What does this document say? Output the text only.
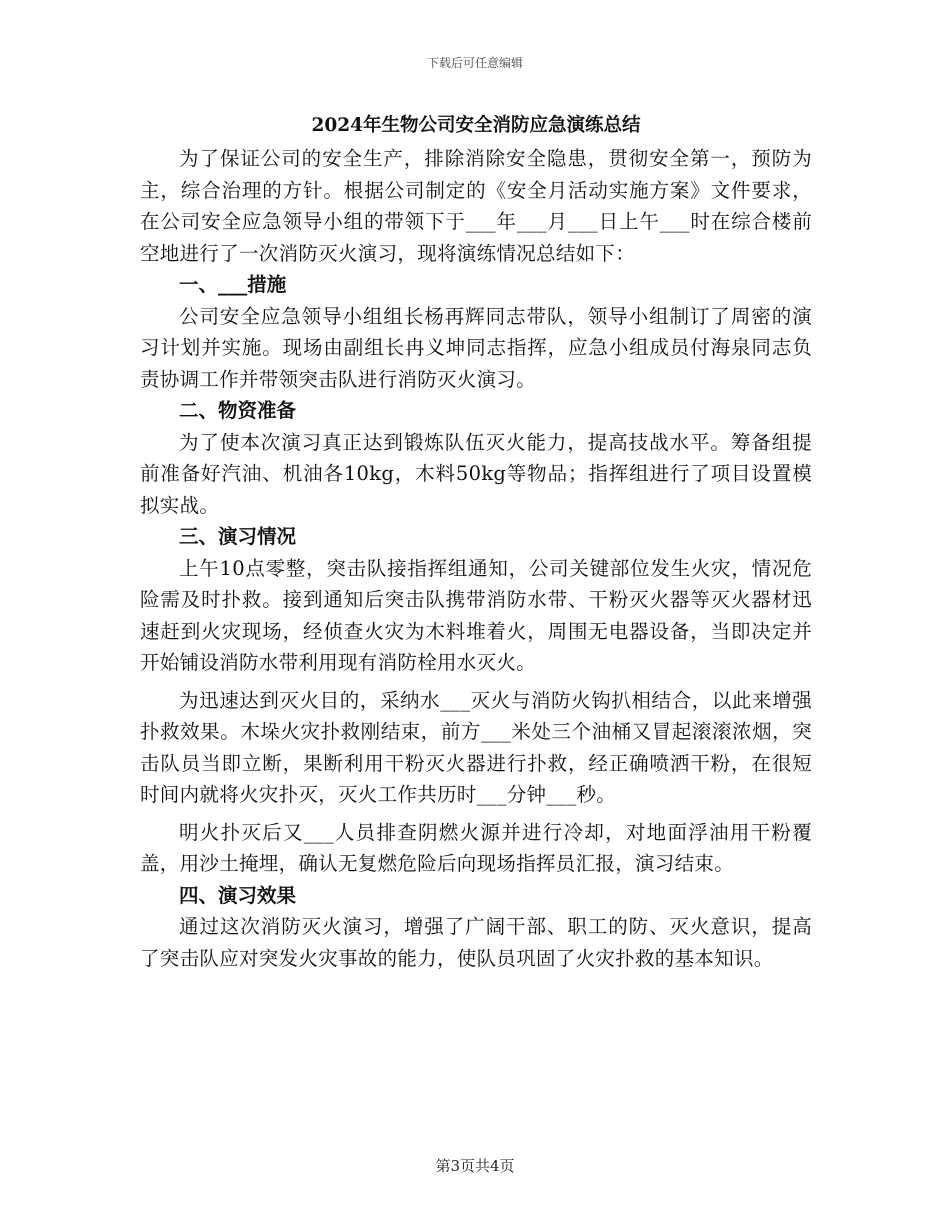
下载后可任意编辑
2024年生物公司安全消防应急演练总结

为了保证公司的安全生产，排除消除安全隐患，贯彻安全第一，预防为主，综合治理的方针。根据公司制定的《安全月活动实施方案》文件要求，在公司安全应急领导小组的带领下于___年___月___日上午___时在综合楼前空地进行了一次消防灭火演习，现将演练情况总结如下：

一、___措施

公司安全应急领导小组组长杨再辉同志带队，领导小组制订了周密的演习计划并实施。现场由副组长冉义坤同志指挥，应急小组成员付海泉同志负责协调工作并带领突击队进行消防灭火演习。

二、物资准备

为了使本次演习真正达到锻炼队伍灭火能力，提高技战水平。筹备组提前准备好汽油、机油各10kg，木料50kg等物品；指挥组进行了项目设置模拟实战。

三、演习情况

上午10点零整，突击队接指挥组通知，公司关键部位发生火灾，情况危险需及时扑救。接到通知后突击队携带消防水带、干粉灭火器等灭火器材迅速赶到火灾现场，经侦查火灾为木料堆着火，周围无电器设备，当即决定并开始铺设消防水带利用现有消防栓用水灭火。

为迅速达到灭火目的，采纳水___灭火与消防火钩扒相结合，以此来增强扑救效果。木垛火灾扑救刚结束，前方___米处三个油桶又冒起滚滚浓烟，突击队员当即立断，果断利用干粉灭火器进行扑救，经正确喷洒干粉，在很短时间内就将火灾扑灭，灭火工作共历时___分钟___秒。

明火扑灭后又___人员排查阴燃火源并进行冷却，对地面浮油用干粉覆盖，用沙土掩埋，确认无复燃危险后向现场指挥员汇报，演习结束。

四、演习效果

通过这次消防灭火演习，增强了广阔干部、职工的防、灭火意识，提高了突击队应对突发火灾事故的能力，使队员巩固了火灾扑救的基本知识。

第3页共4页
